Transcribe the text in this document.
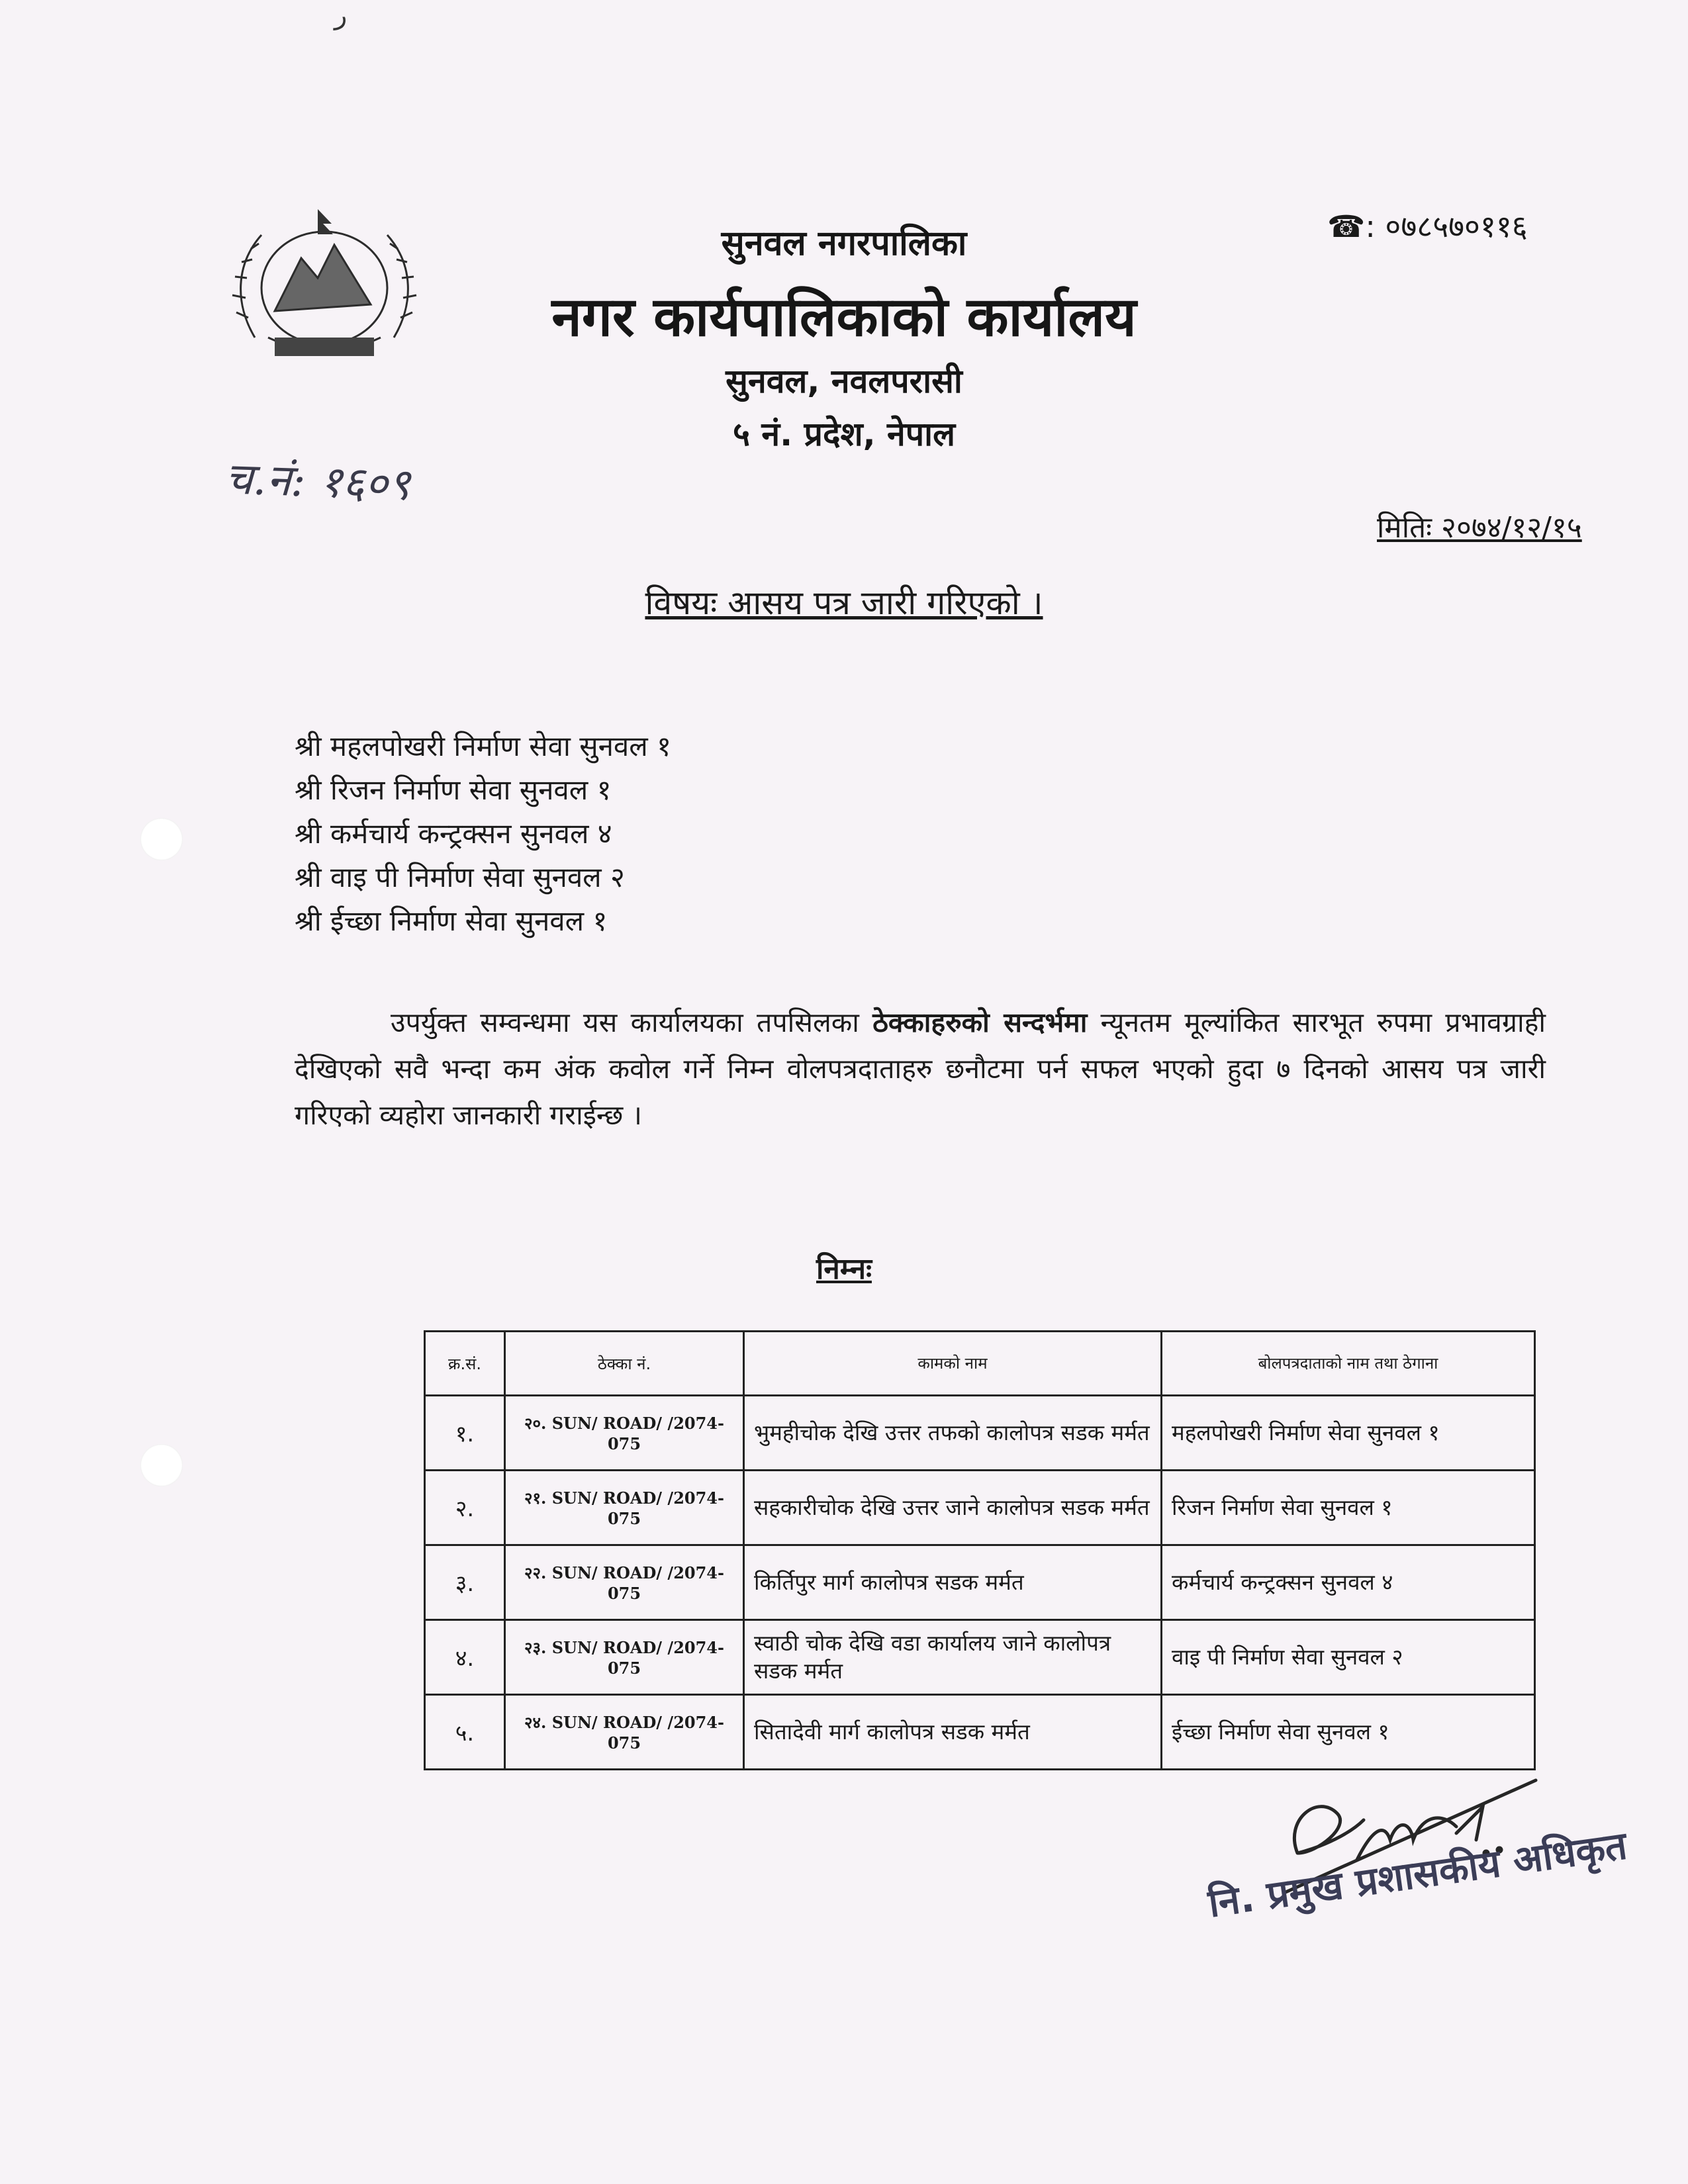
ر
सुनवल नगरपालिका
नगर कार्यपालिकाको कार्यालय
सुनवल, नवलपरासी
५ नं. प्रदेश, नेपाल
☎: ०७८५७०११६
च.नं: १६०९
मितिः २०७४/१२/१५
विषयः आसय पत्र जारी गरिएको ।
श्री महलपोखरी निर्माण सेवा सुनवल १
श्री रिजन निर्माण सेवा सुनवल १
श्री कर्मचार्य कन्ट्रक्सन सुनवल ४
श्री वाइ पी निर्माण सेवा सुनवल २
श्री ईच्छा निर्माण सेवा सुनवल १

उपर्युक्त सम्वन्धमा यस कार्यालयका तपसिलका ठेक्काहरुको सन्दर्भमा न्यूनतम मूल्यांकित सारभूत रुपमा प्रभावग्राही देखिएको सवै भन्दा कम अंक कवोल गर्ने निम्न वोलपत्रदाताहरु छनौटमा पर्न सफल भएको हुदा ७ दिनको आसय पत्र जारी गरिएको व्यहोरा जानकारी गराईन्छ ।

निम्नः
क्र.सं.	ठेक्का नं.	कामको नाम	बोलपत्रदाताको नाम तथा ठेगाना
१.	२०. SUN/ ROAD/ /2074-075	भुमहीचोक देखि उत्तर तफको कालोपत्र सडक मर्मत	महलपोखरी निर्माण सेवा सुनवल १
२.	२१. SUN/ ROAD/ /2074-075	सहकारीचोक देखि उत्तर जाने कालोपत्र सडक मर्मत	रिजन निर्माण सेवा सुनवल १
३.	२२. SUN/ ROAD/ /2074-075	किर्तिपुर मार्ग कालोपत्र सडक मर्मत	कर्मचार्य कन्ट्रक्सन सुनवल ४
४.	२३. SUN/ ROAD/ /2074-075	स्वाठी चोक देखि वडा कार्यालय जाने कालोपत्र सडक मर्मत	वाइ पी निर्माण सेवा सुनवल २
५.	२४. SUN/ ROAD/ /2074-075	सितादेवी मार्ग कालोपत्र सडक मर्मत	ईच्छा निर्माण सेवा सुनवल १
नि. प्रमुख प्रशासकीय अधिकृत
